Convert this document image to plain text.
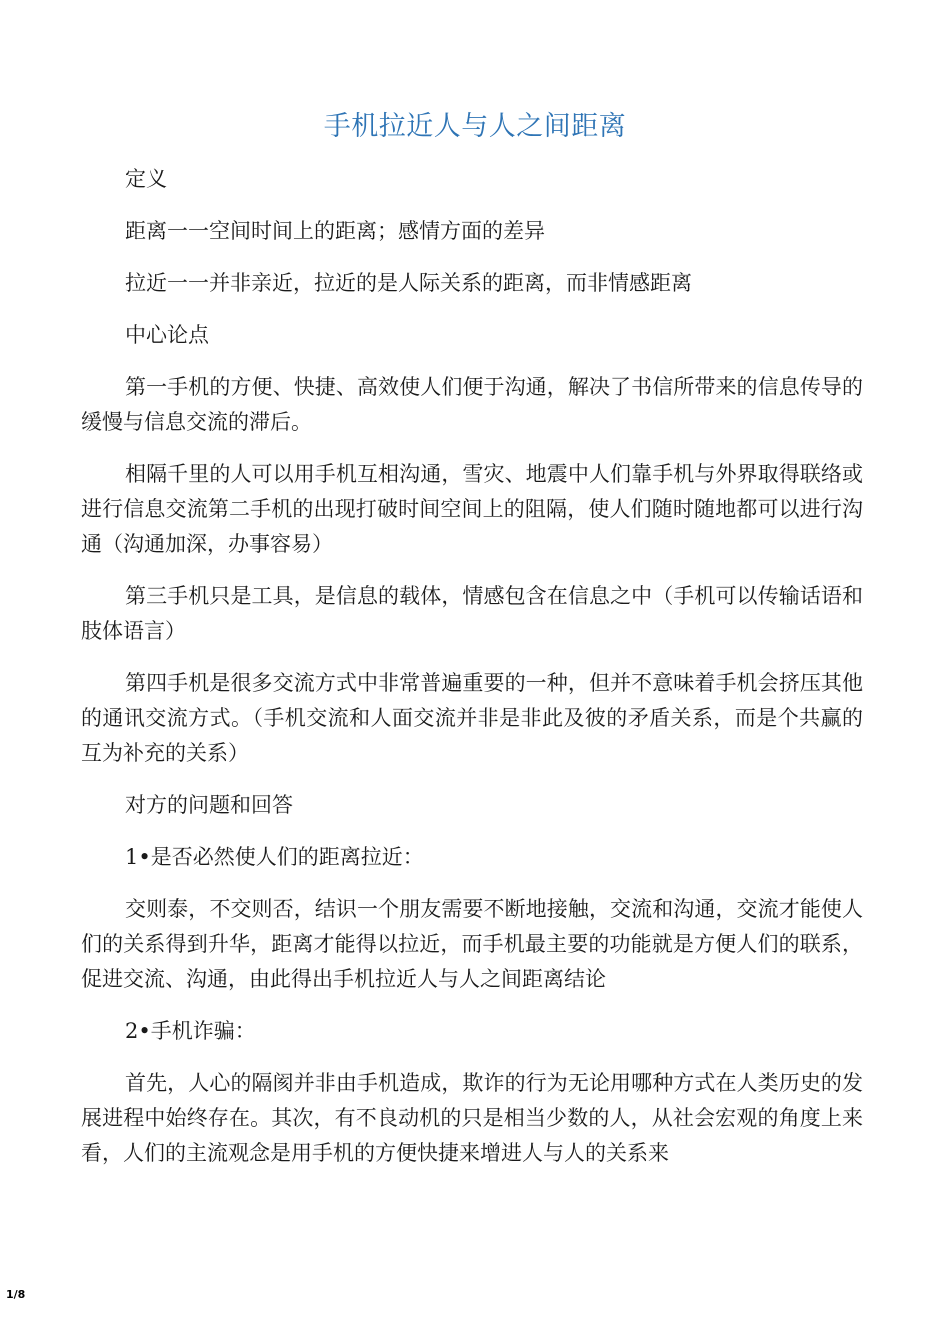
手机拉近人与人之间距离

定义

距离一一空间时间上的距离；感情方面的差异

拉近一一并非亲近，拉近的是人际关系的距离，而非情感距离

中心论点

第一手机的方便、快捷、高效使人们便于沟通，解决了书信所带来的信息传导的缓慢与信息交流的滞后。

相隔千里的人可以用手机互相沟通，雪灾、地震中人们靠手机与外界取得联络或进行信息交流第二手机的出现打破时间空间上的阻隔，使人们随时随地都可以进行沟通（沟通加深，办事容易）

第三手机只是工具，是信息的载体，情感包含在信息之中（手机可以传输话语和肢体语言）

第四手机是很多交流方式中非常普遍重要的一种，但并不意味着手机会挤压其他的通讯交流方式。（手机交流和人面交流并非是非此及彼的矛盾关系，而是个共赢的互为补充的关系）

对方的问题和回答

1•是否必然使人们的距离拉近：

交则泰，不交则否，结识一个朋友需要不断地接触，交流和沟通，交流才能使人们的关系得到升华，距离才能得以拉近，而手机最主要的功能就是方便人们的联系，促进交流、沟通，由此得出手机拉近人与人之间距离结论

2•手机诈骗：

首先，人心的隔阂并非由手机造成，欺诈的行为无论用哪种方式在人类历史的发展进程中始终存在。其次，有不良动机的只是相当少数的人，从社会宏观的角度上来看，人们的主流观念是用手机的方便快捷来增进人与人的关系来

1/8
